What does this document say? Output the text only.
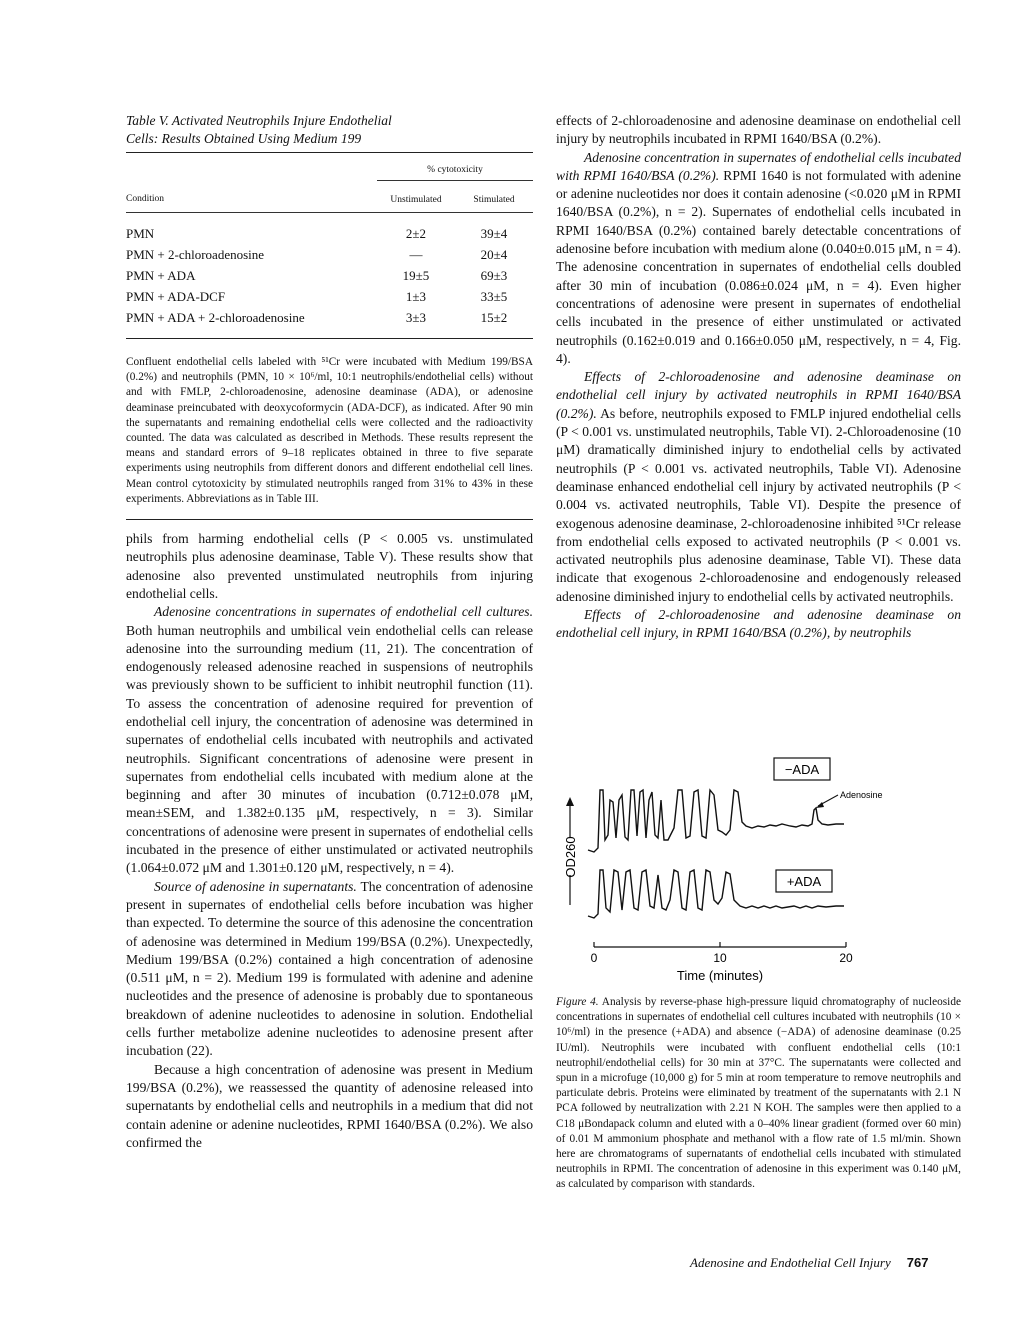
Table V. Activated Neutrophils Injure Endothelial
Cells: Results Obtained Using Medium 199
	% cytotoxicity	
Condition	Unstimulated	Stimulated

PMN	2±2	39±4
PMN + 2-chloroadenosine	—	20±4
PMN + ADA	19±5	69±3
PMN + ADA-DCF	1±3	33±5
PMN + ADA + 2-chloroadenosine	3±3	15±2

Confluent endothelial cells labeled with ⁵¹Cr were incubated with Medium 199/BSA (0.2%) and neutrophils (PMN, 10 × 10⁶/ml, 10:1 neutrophils/endothelial cells) without and with FMLP, 2-chloroadenosine, adenosine deaminase (ADA), or adenosine deaminase preincubated with deoxycoformycin (ADA-DCF), as indicated. After 90 min the supernatants and remaining endothelial cells were collected and the radioactivity counted. The data was calculated as described in Methods. These results represent the means and standard errors of 9–18 replicates obtained in three to five separate experiments using neutrophils from different donors and different endothelial cell lines. Mean control cytotoxicity by stimulated neutrophils ranged from 31% to 43% in these experiments. Abbreviations as in Table III.

phils from harming endothelial cells (P < 0.005 vs. unstimulated neutrophils plus adenosine deaminase, Table V). These results show that adenosine also prevented unstimulated neutrophils from injuring endothelial cells.

Adenosine concentrations in supernates of endothelial cell cultures. Both human neutrophils and umbilical vein endothelial cells can release adenosine into the surrounding medium (11, 21). The concentration of endogenously released adenosine reached in suspensions of neutrophils was previously shown to be sufficient to inhibit neutrophil function (11). To assess the concentration of adenosine required for prevention of endothelial cell injury, the concentration of adenosine was determined in supernates of endothelial cells incubated with neutrophils and activated neutrophils. Significant concentrations of adenosine were present in supernates from endothelial cells incubated with medium alone at the beginning and after 30 minutes of incubation (0.712±0.078 μM, mean±SEM, and 1.382±0.135 μM, respectively, n = 3). Similar concentrations of adenosine were present in supernates of endothelial cells incubated in the presence of either unstimulated or activated neutrophils (1.064±0.072 μM and 1.301±0.120 μM, respectively, n = 4).

Source of adenosine in supernatants. The concentration of adenosine present in supernates of endothelial cells before incubation was higher than expected. To determine the source of this adenosine the concentration of adenosine was determined in Medium 199/BSA (0.2%). Unexpectedly, Medium 199/BSA (0.2%) contained a high concentration of adenosine (0.511 μM, n = 2). Medium 199 is formulated with adenine and adenine nucleotides and the presence of adenosine is probably due to spontaneous breakdown of adenine nucleotides to adenosine in solution. Endothelial cells further metabolize adenine nucleotides to adenosine present after incubation (22).

Because a high concentration of adenosine was present in Medium 199/BSA (0.2%), we reassessed the quantity of adenosine released into supernatants by endothelial cells and neutrophils in a medium that did not contain adenine or adenine nucleotides, RPMI 1640/BSA (0.2%). We also confirmed the

effects of 2-chloroadenosine and adenosine deaminase on endothelial cell injury by neutrophils incubated in RPMI 1640/BSA (0.2%).

Adenosine concentration in supernates of endothelial cells incubated with RPMI 1640/BSA (0.2%). RPMI 1640 is not formulated with adenine or adenine nucleotides nor does it contain adenosine (<0.020 μM in RPMI 1640/BSA (0.2%), n = 2). Supernates of endothelial cells incubated in RPMI 1640/BSA (0.2%) contained barely detectable concentrations of adenosine before incubation with medium alone (0.040±0.015 μM, n = 4). The adenosine concentration in supernates of endothelial cells doubled after 30 min of incubation (0.086±0.024 μM, n = 4). Even higher concentrations of adenosine were present in supernates of endothelial cells incubated in the presence of either unstimulated or activated neutrophils (0.162±0.019 and 0.166±0.050 μM, respectively, n = 4, Fig. 4).

Effects of 2-chloroadenosine and adenosine deaminase on endothelial cell injury by activated neutrophils in RPMI 1640/BSA (0.2%). As before, neutrophils exposed to FMLP injured endothelial cells (P < 0.001 vs. unstimulated neutrophils, Table VI). 2-Chloroadenosine (10 μM) dramatically diminished injury to endothelial cells by activated neutrophils (P < 0.001 vs. activated neutrophils, Table VI). Adenosine deaminase enhanced endothelial cell injury by activated neutrophils (P < 0.004 vs. activated neutrophils, Table VI). Despite the presence of exogenous adenosine deaminase, 2-chloroadenosine inhibited ⁵¹Cr release from endothelial cells exposed to activated neutrophils (P < 0.001 vs. activated neutrophils plus adenosine deaminase, Table VI). These data indicate that exogenous 2-chloroadenosine and endogenously released adenosine diminished injury to endothelial cells by activated neutrophils.

Effects of 2-chloroadenosine and adenosine deaminase on endothelial cell injury, in RPMI 1640/BSA (0.2%), by neutrophils

OD260
−ADA
+ADA
Adenosine
0	10	20
Time (minutes)

Figure 4. Analysis by reverse-phase high-pressure liquid chromatography of nucleoside concentrations in supernates of endothelial cell cultures incubated with neutrophils (10 × 10⁶/ml) in the presence (+ADA) and absence (−ADA) of adenosine deaminase (0.25 IU/ml). Neutrophils were incubated with confluent endothelial cells (10:1 neutrophil/endothelial cells) for 30 min at 37°C. The supernatants were collected and spun in a microfuge (10,000 g) for 5 min at room temperature to remove neutrophils and particulate debris. Proteins were eliminated by treatment of the supernatants with 2.1 N PCA followed by neutralization with 2.21 N KOH. The samples were then applied to a C18 μBondapack column and eluted with a 0–40% linear gradient (formed over 60 min) of 0.01 M ammonium phosphate and methanol with a flow rate of 1.5 ml/min. Shown here are chromatograms of supernatants of endothelial cells incubated with stimulated neutrophils in RPMI. The concentration of adenosine in this experiment was 0.140 μM, as calculated by comparison with standards.

Adenosine and Endothelial Cell Injury 767
